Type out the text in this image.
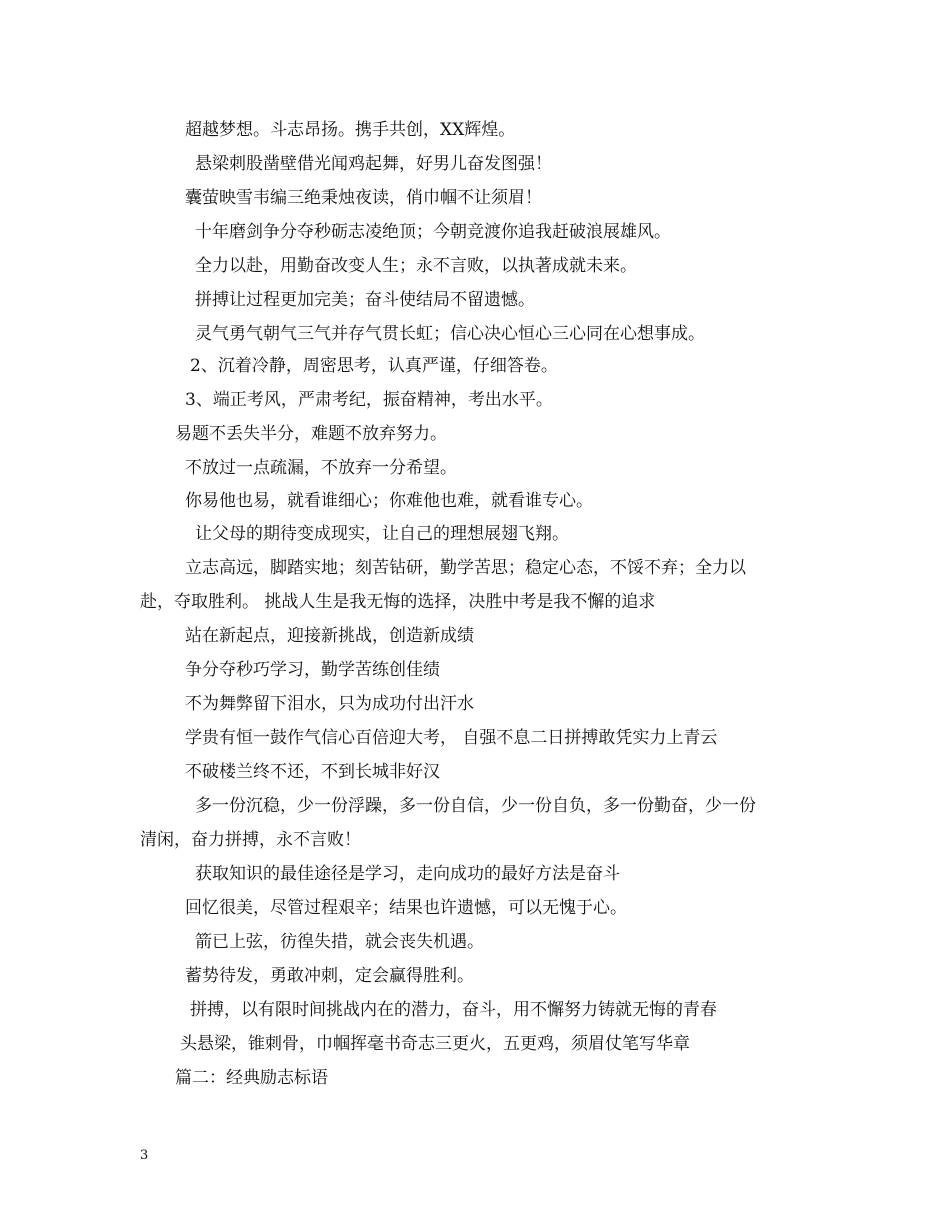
超越梦想。斗志昂扬。携手共创，XX辉煌。
悬梁刺股凿壁借光闻鸡起舞，好男儿奋发图强！
囊萤映雪韦编三绝秉烛夜读，俏巾帼不让须眉！
十年磨剑争分夺秒砺志凌绝顶；今朝竞渡你追我赶破浪展雄风。
全力以赴，用勤奋改变人生；永不言败，以执著成就未来。
拼搏让过程更加完美；奋斗使结局不留遗憾。
灵气勇气朝气三气并存气贯长虹；信心决心恒心三心同在心想事成。
2、沉着冷静，周密思考，认真严谨，仔细答卷。
3、端正考风，严肃考纪，振奋精神，考出水平。
易题不丢失半分，难题不放弃努力。
不放过一点疏漏，不放弃一分希望。
你易他也易，就看谁细心；你难他也难，就看谁专心。
让父母的期待变成现实，让自己的理想展翅飞翔。
立志高远，脚踏实地；刻苦钻研，勤学苦思；稳定心态，不馁不弃；全力以
赴，夺取胜利。 挑战人生是我无悔的选择，决胜中考是我不懈的追求
站在新起点，迎接新挑战，创造新成绩
争分夺秒巧学习，勤学苦练创佳绩
不为舞弊留下泪水，只为成功付出汗水
学贵有恒一鼓作气信心百倍迎大考， 自强不息二日拼搏敢凭实力上青云
不破楼兰终不还，不到长城非好汉
多一份沉稳，少一份浮躁，多一份自信，少一份自负，多一份勤奋，少一份
清闲，奋力拼搏，永不言败！
获取知识的最佳途径是学习，走向成功的最好方法是奋斗
回忆很美，尽管过程艰辛；结果也许遗憾，可以无愧于心。
箭已上弦，彷徨失措，就会丧失机遇。
蓄势待发，勇敢冲刺，定会赢得胜利。
拼搏，以有限时间挑战内在的潜力，奋斗，用不懈努力铸就无悔的青春
头悬梁，锥刺骨，巾帼挥毫书奇志三更火，五更鸡，须眉仗笔写华章
篇二：经典励志标语
3
